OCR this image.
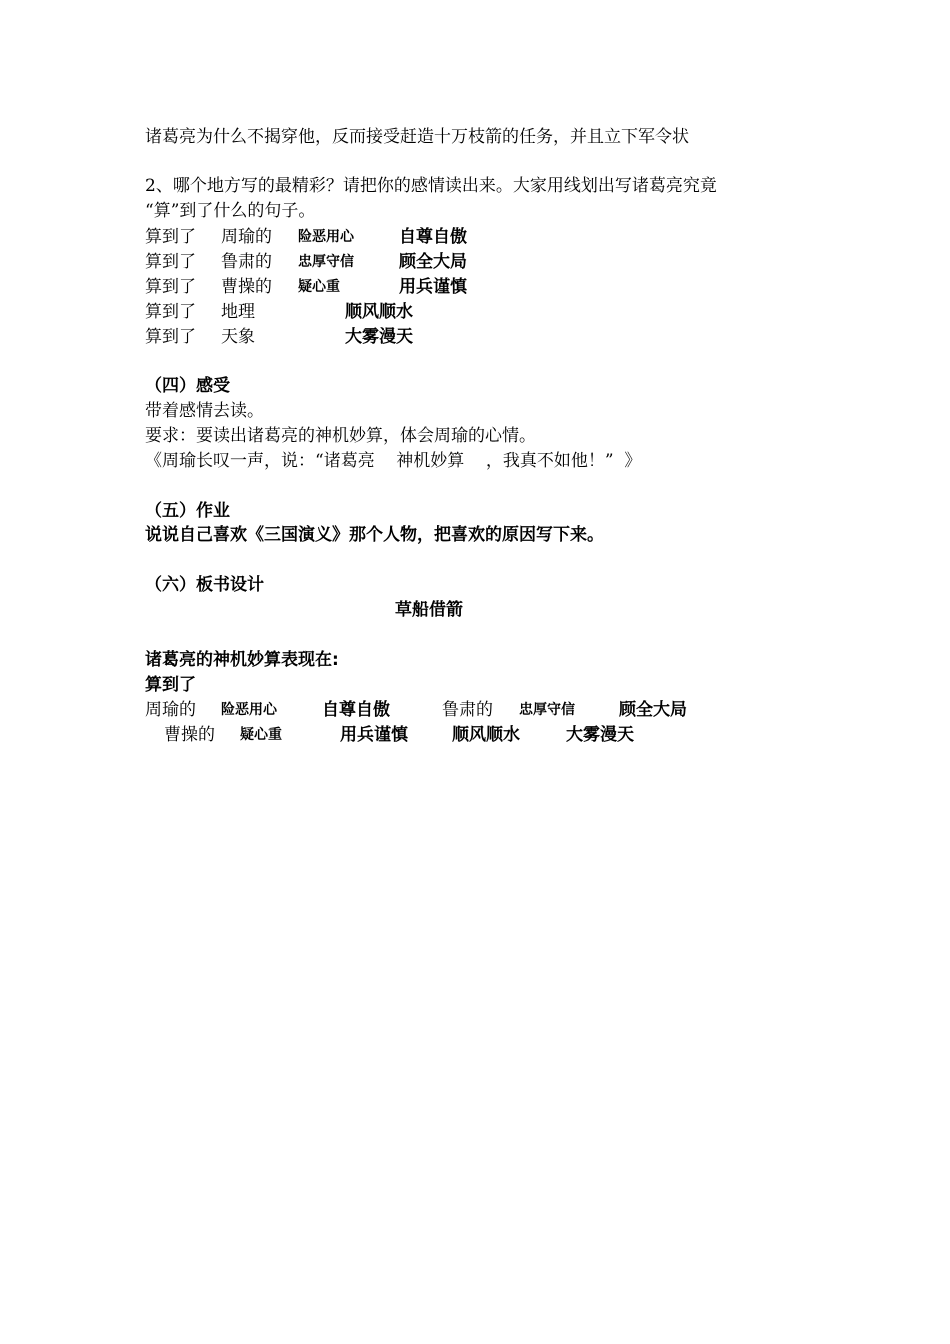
诸葛亮为什么不揭穿他，反而接受赶造十万枝箭的任务，并且立下军令状
2、哪个地方写的最精彩？请把你的感情读出来。大家用线划出写诸葛亮究竟
“算”到了什么的句子。
算到了 周瑜的 险恶用心	自尊自傲
算到了 鲁肃的 忠厚守信	顾全大局
算到了 曹操的 疑心重	用兵谨慎
算到了 地理	顺风顺水
算到了 天象	大雾漫天
（四）感受
带着感情去读。
要求：要读出诸葛亮的神机妙算，体会周瑜的心情。
《周瑜长叹一声，说：“诸葛亮    神机妙算    ，我真不如他！”  》
（五）作业
说说自己喜欢《三国演义》那个人物，把喜欢的原因写下来。
（六）板书设计
草船借箭
诸葛亮的神机妙算表现在:
算到了
周瑜的 险恶用心	自尊自傲	鲁肃的 忠厚守信	顾全大局
曹操的 疑心重	用兵谨慎	顺风顺水	大雾漫天
